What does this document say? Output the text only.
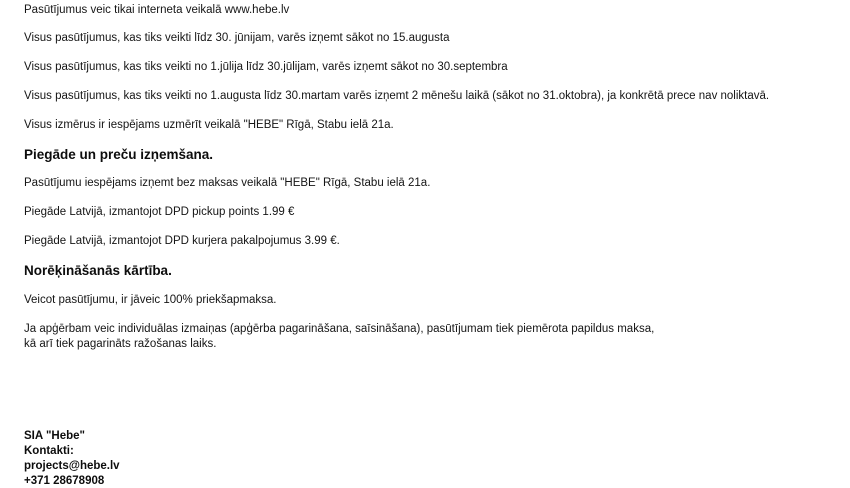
Pasūtījumus veic tikai interneta veikalā www.hebe.lv
Visus pasūtījumus, kas tiks veikti līdz 30. jūnijam, varēs izņemt sākot no 15.augusta
Visus pasūtījumus, kas tiks veikti no 1.jūlija līdz 30.jūlijam, varēs izņemt sākot no 30.septembra
Visus pasūtījumus, kas tiks veikti no 1.augusta līdz 30.martam varēs izņemt 2 mēnešu laikā (sākot no 31.oktobra), ja konkrētā prece nav noliktavā.
Visus izmērus ir iespējams uzmērīt veikalā "HEBE" Rīgā, Stabu ielā 21a.
Piegāde un preču izņemšana.
Pasūtījumu iespējams izņemt bez maksas veikalā "HEBE" Rīgā, Stabu ielā 21a.
Piegāde Latvijā, izmantojot DPD pickup points 1.99 €
Piegāde Latvijā, izmantojot DPD kurjera pakalpojumus 3.99 €.
Norēķināšanās kārtība.
Veicot pasūtījumu, ir jāveic 100% priekšapmaksa.
Ja apģērbam veic individuālas izmaiņas (apģērba pagarināšana, saīsināšana), pasūtījumam tiek piemērota papildus maksa,
kā arī tiek pagarināts ražošanas laiks.
SIA "Hebe"
Kontakti:
projects@hebe.lv
+371 28678908
